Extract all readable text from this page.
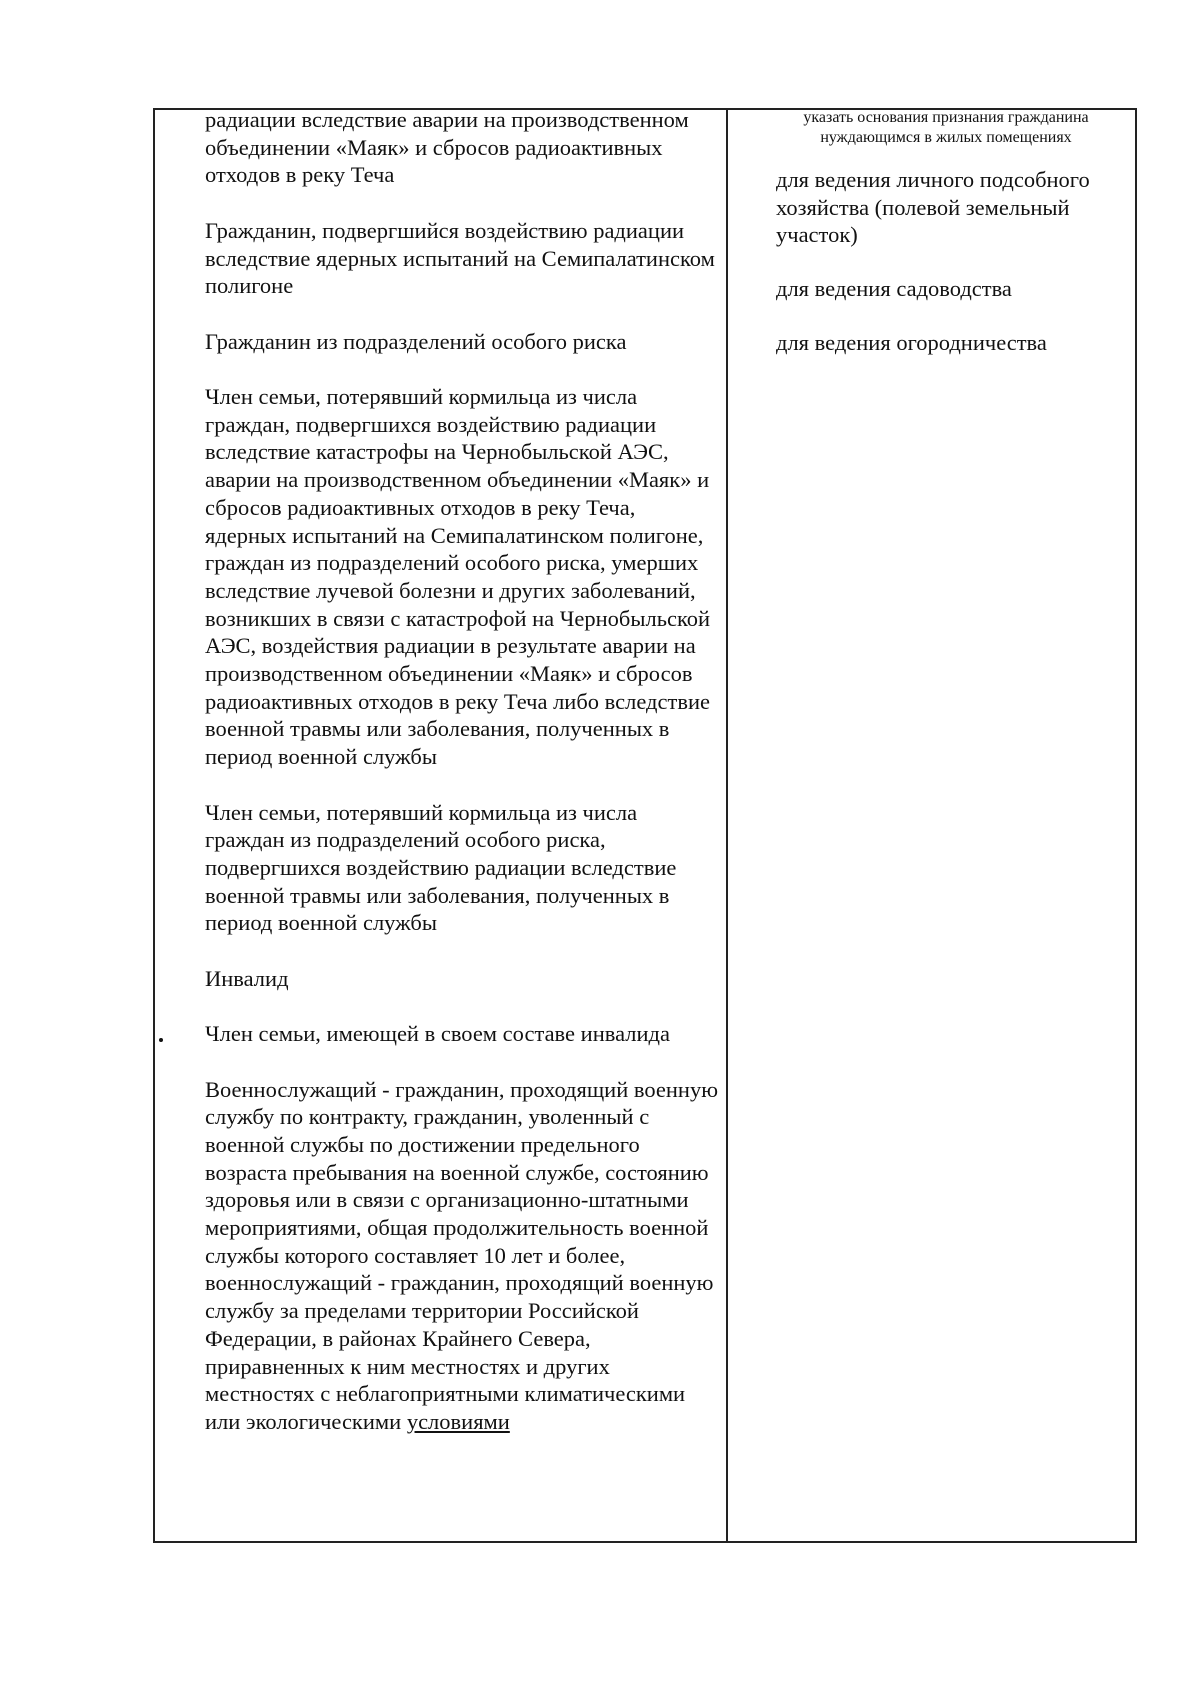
радиации вследствие аварии на производственном объединении «Маяк» и сбросов радиоактивных отходов в реку Теча

Гражданин, подвергшийся воздействию радиации вследствие ядерных испытаний на Семипалатинском полигоне

Гражданин из подразделений особого риска

Член семьи, потерявший кормильца из числа граждан, подвергшихся воздействию радиации вследствие катастрофы на Чернобыльской АЭС, аварии на производственном объединении «Маяк» и сбросов радиоактивных отходов в реку Теча, ядерных испытаний на Семипалатинском полигоне, граждан из подразделений особого риска, умерших вследствие лучевой болезни и других заболеваний, возникших в связи с катастрофой на Чернобыльской АЭС, воздействия радиации в результате аварии на производственном объединении «Маяк» и сбросов радиоактивных отходов в реку Теча либо вследствие военной травмы или заболевания, полученных в период военной службы

Член семьи, потерявший кормильца из числа граждан из подразделений особого риска, подвергшихся воздействию радиации вследствие военной травмы или заболевания, полученных в период военной службы

Инвалид

Член семьи, имеющей в своем составе инвалида

Военнослужащий - гражданин, проходящий военную службу по контракту, гражданин, уволенный с военной службы по достижении предельного возраста пребывания на военной службе, состоянию здоровья или в связи с организационно-штатными мероприятиями, общая продолжительность военной службы которого составляет 10 лет и более, военнослужащий - гражданин, проходящий военную службу за пределами территории Российской Федерации, в районах Крайнего Севера, приравненных к ним местностях и других местностях с неблагоприятными климатическими или экологическими условиями

указать основания признания гражданина нуждающимся в жилых помещениях

для ведения личного подсобного хозяйства (полевой земельный участок)

для ведения садоводства

для ведения огородничества
